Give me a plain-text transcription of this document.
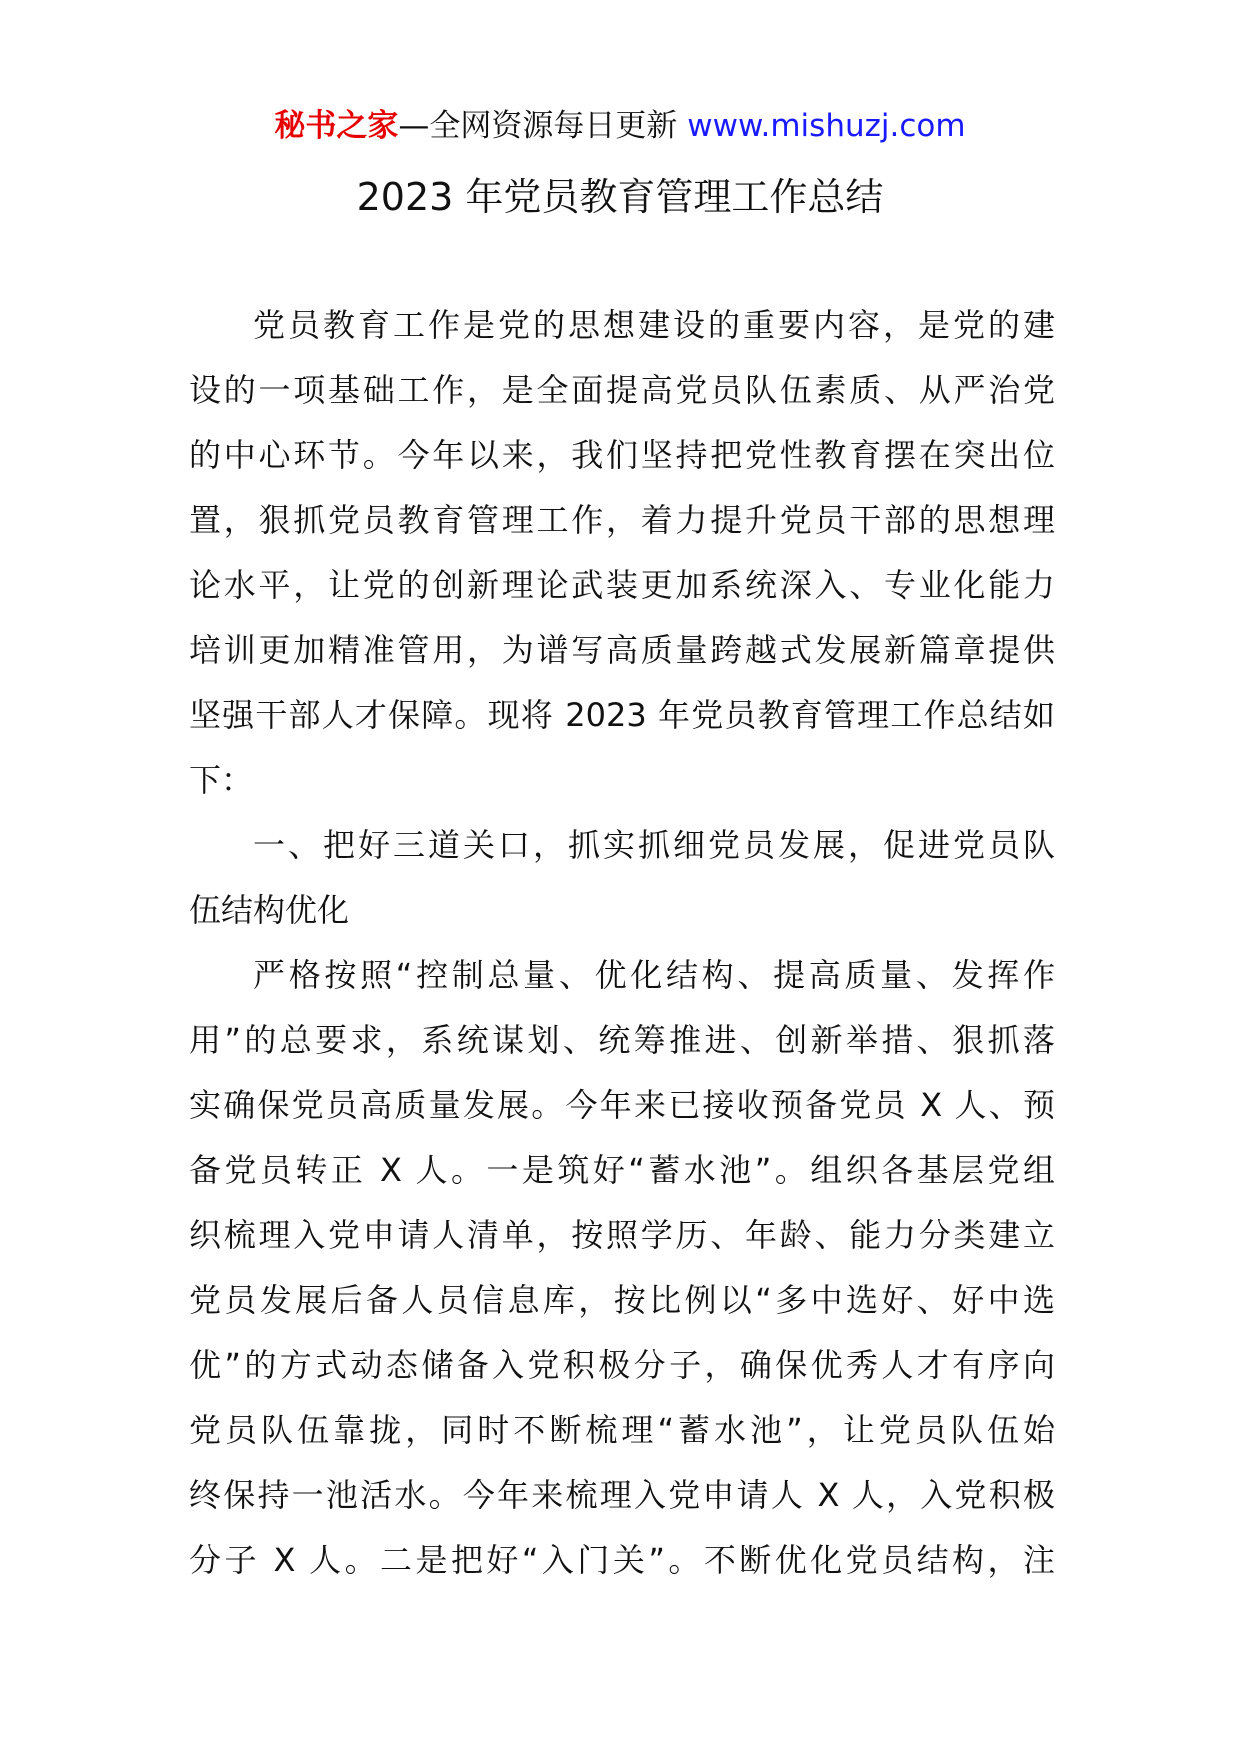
秘书之家—全网资源每日更新 www.mishuzj.com
2023 年党员教育管理工作总结
党员教育工作是党的思想建设的重要内容，是党的建
设的一项基础工作，是全面提高党员队伍素质、从严治党
的中心环节。今年以来，我们坚持把党性教育摆在突出位
置，狠抓党员教育管理工作，着力提升党员干部的思想理
论水平，让党的创新理论武装更加系统深入、专业化能力
培训更加精准管用，为谱写高质量跨越式发展新篇章提供
坚强干部人才保障。现将 2023 年党员教育管理工作总结如
下：
一、把好三道关口，抓实抓细党员发展，促进党员队
伍结构优化
严格按照“控制总量、优化结构、提高质量、发挥作
用”的总要求，系统谋划、统筹推进、创新举措、狠抓落
实确保党员高质量发展。今年来已接收预备党员 X 人、预
备党员转正 X 人。一是筑好“蓄水池”。组织各基层党组
织梳理入党申请人清单，按照学历、年龄、能力分类建立
党员发展后备人员信息库，按比例以“多中选好、好中选
优”的方式动态储备入党积极分子，确保优秀人才有序向
党员队伍靠拢，同时不断梳理“蓄水池”，让党员队伍始
终保持一池活水。今年来梳理入党申请人 X 人，入党积极
分子 X 人。二是把好“入门关”。不断优化党员结构，注
